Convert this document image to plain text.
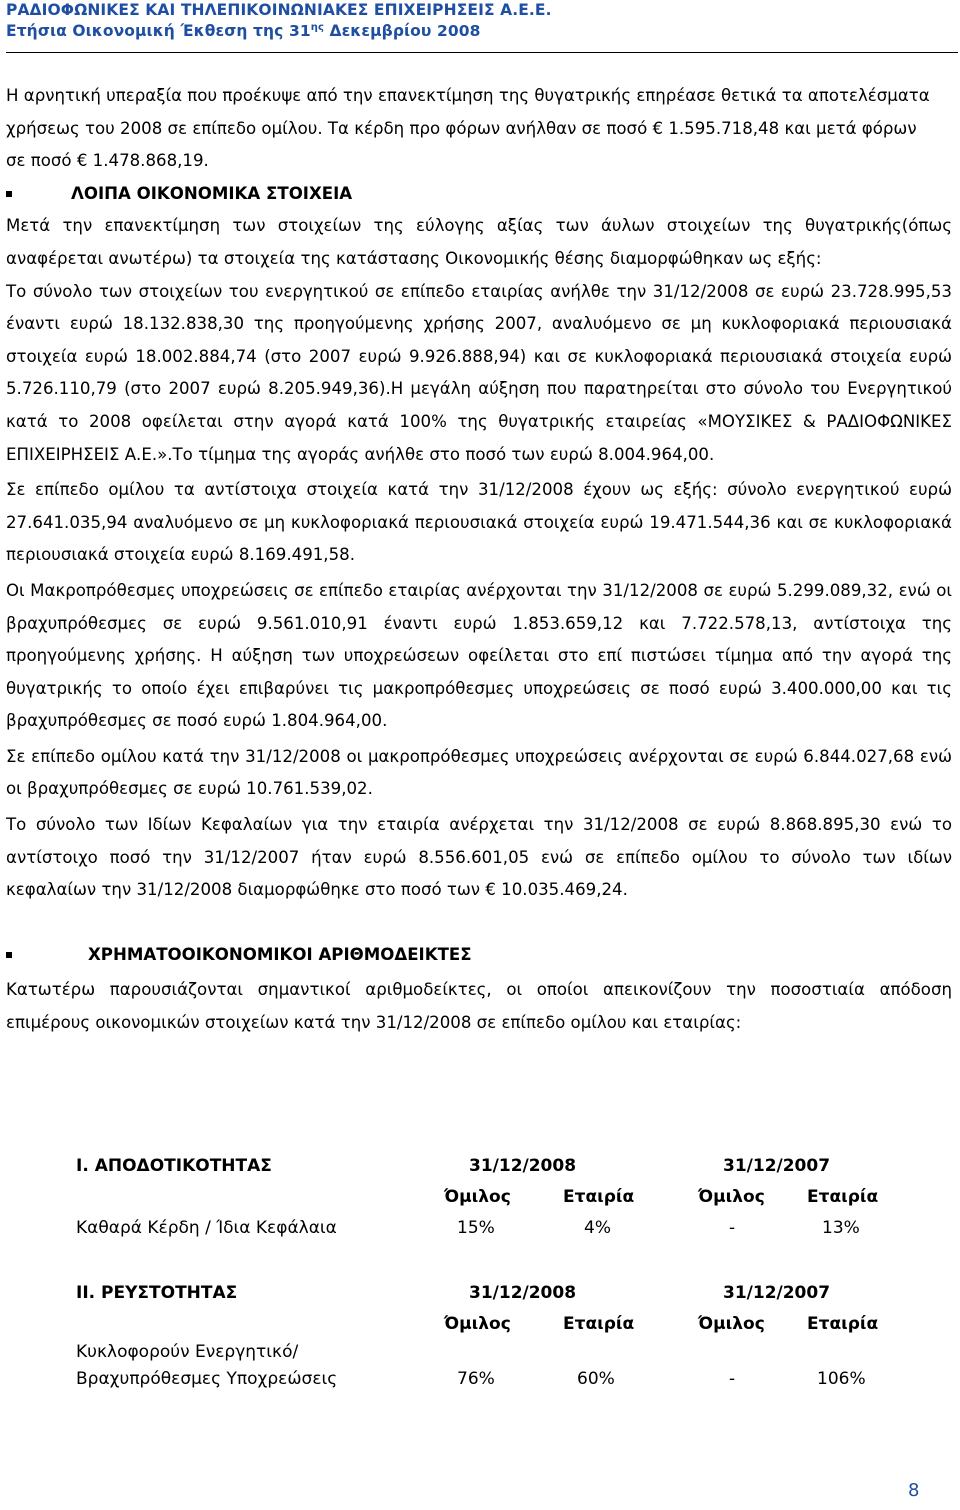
ΡΑΔΙΟΦΩΝΙΚΕΣ ΚΑΙ ΤΗΛΕΠΙΚΟΙΝΩΝΙΑΚΕΣ ΕΠΙΧΕΙΡΗΣΕΙΣ Α.Ε.Ε.
Ετήσια Οικονομική Έκθεση της $31^{\eta\varsigma}$ Δεκεμβρίου 2008
Η αρνητική υπεραξία που προέκυψε από την επανεκτίμηση της θυγατρικής επηρέασε θετικά τα αποτελέσματα
χρήσεως του 2008 σε επίπεδο ομίλου. Τα κέρδη προ φόρων ανήλθαν σε ποσό € 1.595.718,48 και μετά φόρων
σε ποσό € 1.478.868,19.
ΛΟΙΠΑ ΟΙΚΟΝΟΜΙΚΑ ΣΤΟΙΧΕΙΑ
Μετά την επανεκτίμηση των στοιχείων της εύλογης αξίας των άυλων στοιχείων της θυγατρικής(όπως αναφέρεται ανωτέρω) τα στοιχεία της κατάστασης Οικονομικής θέσης διαμορφώθηκαν ως εξής:
Το σύνολο των στοιχείων του ενεργητικού σε επίπεδο εταιρίας ανήλθε την 31/12/2008 σε ευρώ 23.728.995,53 έναντι ευρώ 18.132.838,30 της προηγούμενης χρήσης 2007, αναλυόμενο σε μη κυκλοφοριακά περιουσιακά στοιχεία ευρώ 18.002.884,74 (στο 2007 ευρώ 9.926.888,94) και σε κυκλοφοριακά περιουσιακά στοιχεία ευρώ 5.726.110,79 (στο 2007 ευρώ 8.205.949,36).Η μεγάλη αύξηση που παρατηρείται στο σύνολο του Ενεργητικού κατά το 2008 οφείλεται στην αγορά κατά 100% της θυγατρικής εταιρείας «ΜΟΥΣΙΚΕΣ & ΡΑΔΙΟΦΩΝΙΚΕΣ ΕΠΙΧΕΙΡΗΣΕΙΣ Α.Ε.».Το τίμημα της αγοράς ανήλθε στο ποσό των ευρώ 8.004.964,00.
Σε επίπεδο ομίλου τα αντίστοιχα στοιχεία κατά την 31/12/2008 έχουν ως εξής: σύνολο ενεργητικού ευρώ 27.641.035,94 αναλυόμενο σε μη κυκλοφοριακά περιουσιακά στοιχεία ευρώ 19.471.544,36 και σε κυκλοφοριακά περιουσιακά στοιχεία ευρώ 8.169.491,58.
Οι Μακροπρόθεσμες υποχρεώσεις σε επίπεδο εταιρίας ανέρχονται την 31/12/2008 σε ευρώ 5.299.089,32, ενώ οι βραχυπρόθεσμες σε ευρώ 9.561.010,91 έναντι ευρώ 1.853.659,12 και 7.722.578,13, αντίστοιχα της προηγούμενης χρήσης. Η αύξηση των υποχρεώσεων οφείλεται στο επί πιστώσει τίμημα από την αγορά της θυγατρικής το οποίο έχει επιβαρύνει τις μακροπρόθεσμες υποχρεώσεις σε ποσό ευρώ 3.400.000,00 και τις βραχυπρόθεσμες σε ποσό ευρώ 1.804.964,00.
Σε επίπεδο ομίλου κατά την 31/12/2008 οι μακροπρόθεσμες υποχρεώσεις ανέρχονται σε ευρώ 6.844.027,68 ενώ οι βραχυπρόθεσμες σε ευρώ 10.761.539,02.
Το σύνολο των Ιδίων Κεφαλαίων για την εταιρία ανέρχεται την 31/12/2008 σε ευρώ 8.868.895,30 ενώ το αντίστοιχο ποσό την 31/12/2007 ήταν ευρώ 8.556.601,05 ενώ σε επίπεδο ομίλου το σύνολο των ιδίων κεφαλαίων την 31/12/2008 διαμορφώθηκε στο ποσό των € 10.035.469,24.
ΧΡΗΜΑΤΟΟΙΚΟΝΟΜΙΚΟΙ ΑΡΙΘΜΟΔΕΙΚΤΕΣ
Κατωτέρω παρουσιάζονται σημαντικοί αριθμοδείκτες, οι οποίοι απεικονίζουν την ποσοστιαία απόδοση επιμέρους οικονομικών στοιχείων κατά την 31/12/2008 σε επίπεδο ομίλου και εταιρίας:
Ι. ΑΠΟΔΟΤΙΚΟΤΗΤΑΣ	31/12/2008	31/12/2007
Όμιλος	Εταιρία	Όμιλος Εταιρία
Καθαρά Κέρδη / Ίδια Κεφάλαια	15%	4%	-	13%
ΙΙ. ΡΕΥΣΤΟΤΗΤΑΣ	31/12/2008	31/12/2007
Όμιλος	Εταιρία	Όμιλος Εταιρία
Κυκλοφορούν Ενεργητικό/
Βραχυπρόθεσμες Υποχρεώσεις	76%	60%	-	106%
8
